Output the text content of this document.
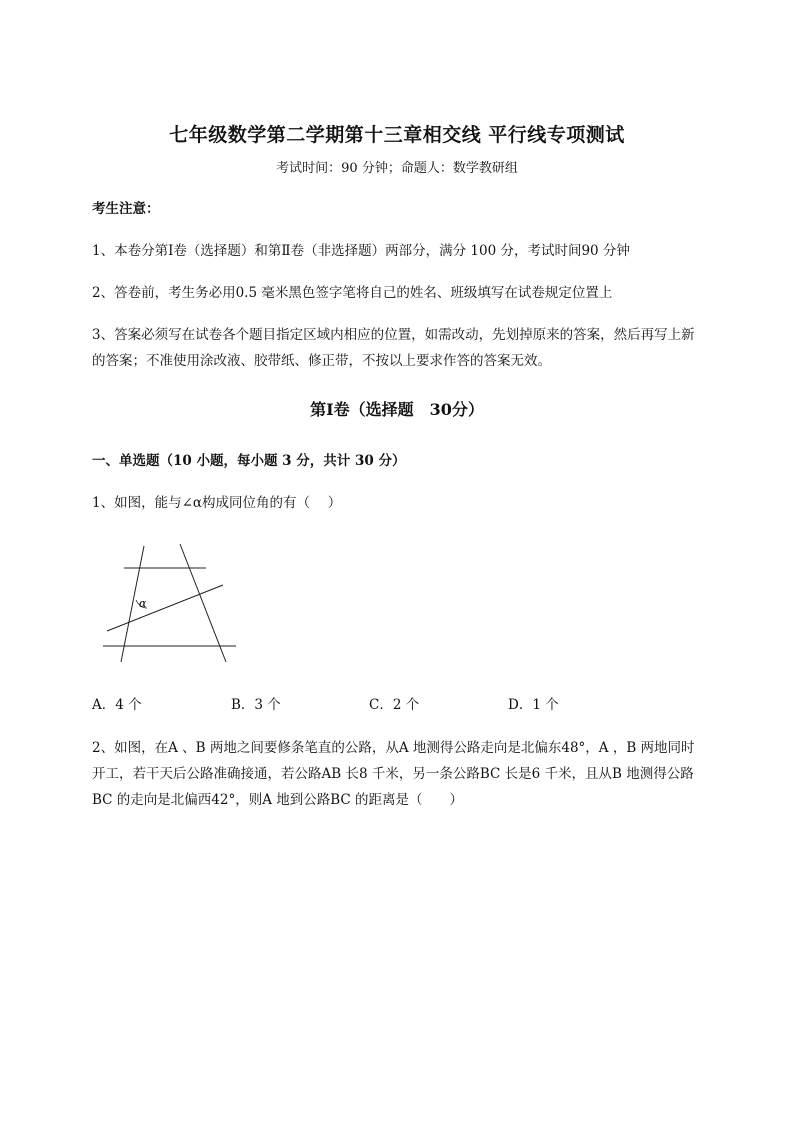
七年级数学第二学期第十三章相交线 平行线专项测试
考试时间：90 分钟；命题人：数学教研组
考生注意：
1、本卷分第Ⅰ卷（选择题）和第Ⅱ卷（非选择题）两部分，满分 100 分，考试时间90 分钟
2、答卷前，考生务必用0.5 毫米黑色签字笔将自己的姓名、班级填写在试卷规定位置上
3、答案必须写在试卷各个题目指定区域内相应的位置，如需改动，先划掉原来的答案，然后再写上新
的答案；不准使用涂改液、胶带纸、修正带，不按以上要求作答的答案无效。
第Ⅰ卷（选择题　30分）
一、单选题（10 小题，每小题 3 分，共计 30 分）
1、如图，能与∠α构成同位角的有（　 ）
α
A．4 个	B．3 个	C．2 个	D．1 个
2、如图，在A 、B 两地之间要修条笔直的公路，从A 地测得公路走向是北偏东48°，A ，B 两地同时
开工，若干天后公路准确接通，若公路AB 长8 千米，另一条公路BC 长是6 千米，且从B 地测得公路
BC 的走向是北偏西42°，则A 地到公路BC 的距离是（　　）
